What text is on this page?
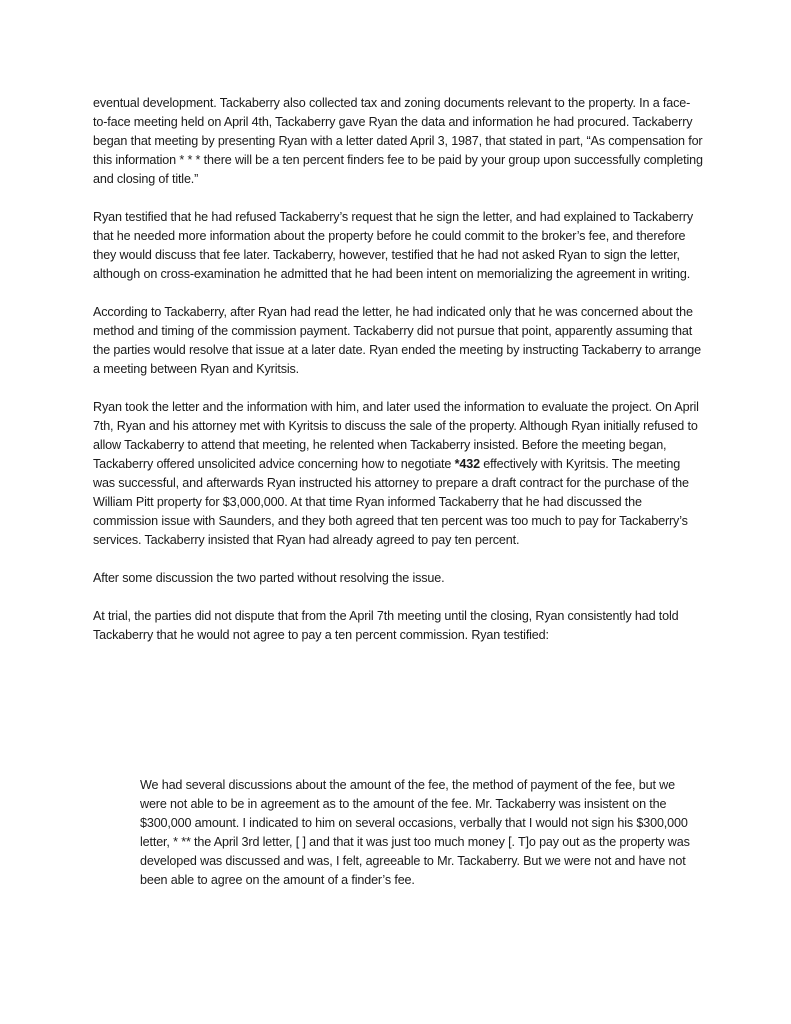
eventual development. Tackaberry also collected tax and zoning documents relevant to the property. In a face-to-face meeting held on April 4th, Tackaberry gave Ryan the data and information he had procured. Tackaberry began that meeting by presenting Ryan with a letter dated April 3, 1987, that stated in part, “As compensation for this information * * * there will be a ten percent finders fee to be paid by your group upon successfully completing and closing of title.”

Ryan testified that he had refused Tackaberry’s request that he sign the letter, and had explained to Tackaberry that he needed more information about the property before he could commit to the broker’s fee, and therefore they would discuss that fee later. Tackaberry, however, testified that he had not asked Ryan to sign the letter, although on cross-examination he admitted that he had been intent on memorializing the agreement in writing.

According to Tackaberry, after Ryan had read the letter, he had indicated only that he was concerned about the method and timing of the commission payment. Tackaberry did not pursue that point, apparently assuming that the parties would resolve that issue at a later date. Ryan ended the meeting by instructing Tackaberry to arrange a meeting between Ryan and Kyritsis.

Ryan took the letter and the information with him, and later used the information to evaluate the project. On April 7th, Ryan and his attorney met with Kyritsis to discuss the sale of the property. Although Ryan initially refused to allow Tackaberry to attend that meeting, he relented when Tackaberry insisted. Before the meeting began, Tackaberry offered unsolicited advice concerning how to negotiate *432 effectively with Kyritsis. The meeting was successful, and afterwards Ryan instructed his attorney to prepare a draft contract for the purchase of the William Pitt property for $3,000,000. At that time Ryan informed Tackaberry that he had discussed the commission issue with Saunders, and they both agreed that ten percent was too much to pay for Tackaberry’s services. Tackaberry insisted that Ryan had already agreed to pay ten percent.

After some discussion the two parted without resolving the issue.

At trial, the parties did not dispute that from the April 7th meeting until the closing, Ryan consistently had told Tackaberry that he would not agree to pay a ten percent commission. Ryan testified:

We had several discussions about the amount of the fee, the method of payment of the fee, but we were not able to be in agreement as to the amount of the fee. Mr. Tackaberry was insistent on the $300,000 amount. I indicated to him on several occasions, verbally that I would not sign his $300,000 letter, * ** the April 3rd letter, [ ] and that it was just too much money [. T]o pay out as the property was developed was discussed and was, I felt, agreeable to Mr. Tackaberry. But we were not and have not been able to agree on the amount of a finder’s fee.
